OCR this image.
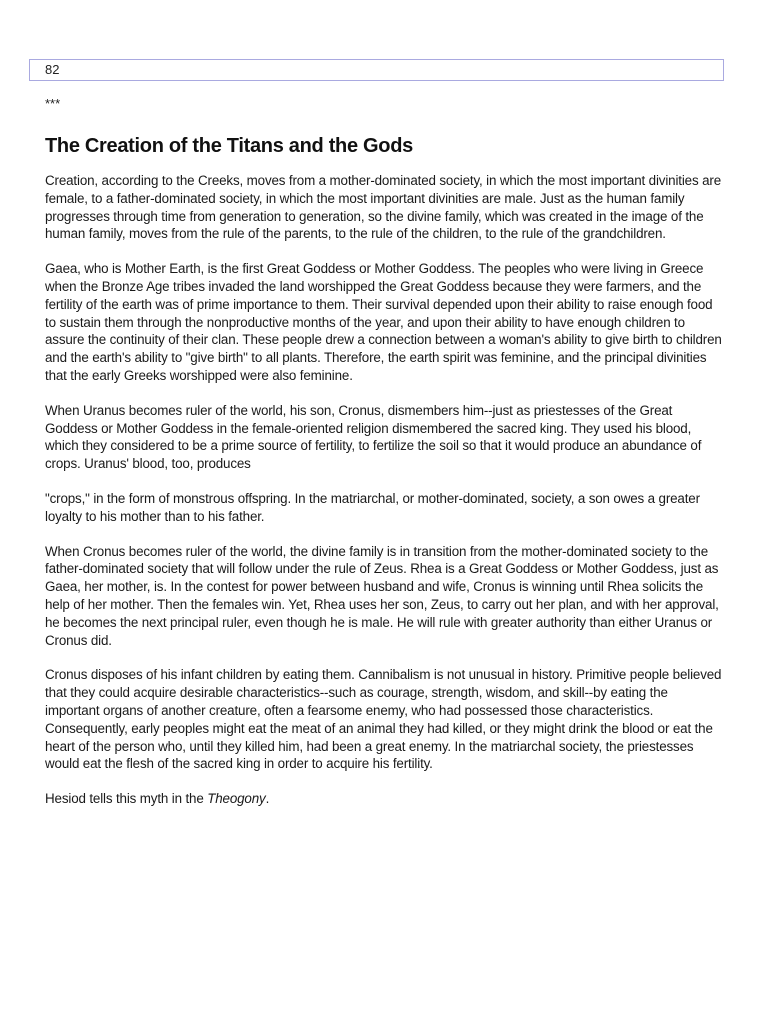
82
***
The Creation of the Titans and the Gods

Creation, according to the Creeks, moves from a mother-dominated society, in which the most important divinities are female, to a father-dominated society, in which the most important divinities are male. Just as the human family progresses through time from generation to generation, so the divine family, which was created in the image of the human family, moves from the rule of the parents, to the rule of the children, to the rule of the grandchildren.

Gaea, who is Mother Earth, is the first Great Goddess or Mother Goddess. The peoples who were living in Greece when the Bronze Age tribes invaded the land worshipped the Great Goddess because they were farmers, and the fertility of the earth was of prime importance to them. Their survival depended upon their ability to raise enough food to sustain them through the nonproductive months of the year, and upon their ability to have enough children to assure the continuity of their clan. These people drew a connection between a woman's ability to give birth to children and the earth's ability to "give birth" to all plants. Therefore, the earth spirit was feminine, and the principal divinities that the early Greeks worshipped were also feminine.

When Uranus becomes ruler of the world, his son, Cronus, dismembers him--just as priestesses of the Great Goddess or Mother Goddess in the female-oriented religion dismembered the sacred king. They used his blood, which they considered to be a prime source of fertility, to fertilize the soil so that it would produce an abundance of crops. Uranus' blood, too, produces

"crops," in the form of monstrous offspring. In the matriarchal, or mother-dominated, society, a son owes a greater loyalty to his mother than to his father.

When Cronus becomes ruler of the world, the divine family is in transition from the mother-dominated society to the father-dominated society that will follow under the rule of Zeus. Rhea is a Great Goddess or Mother Goddess, just as Gaea, her mother, is. In the contest for power between husband and wife, Cronus is winning until Rhea solicits the help of her mother. Then the females win. Yet, Rhea uses her son, Zeus, to carry out her plan, and with her approval, he becomes the next principal ruler, even though he is male. He will rule with greater authority than either Uranus or Cronus did.

Cronus disposes of his infant children by eating them. Cannibalism is not unusual in history. Primitive people believed that they could acquire desirable characteristics--such as courage, strength, wisdom, and skill--by eating the important organs of another creature, often a fearsome enemy, who had possessed those characteristics. Consequently, early peoples might eat the meat of an animal they had killed, or they might drink the blood or eat the heart of the person who, until they killed him, had been a great enemy. In the matriarchal society, the priestesses would eat the flesh of the sacred king in order to acquire his fertility.

Hesiod tells this myth in the Theogony.
